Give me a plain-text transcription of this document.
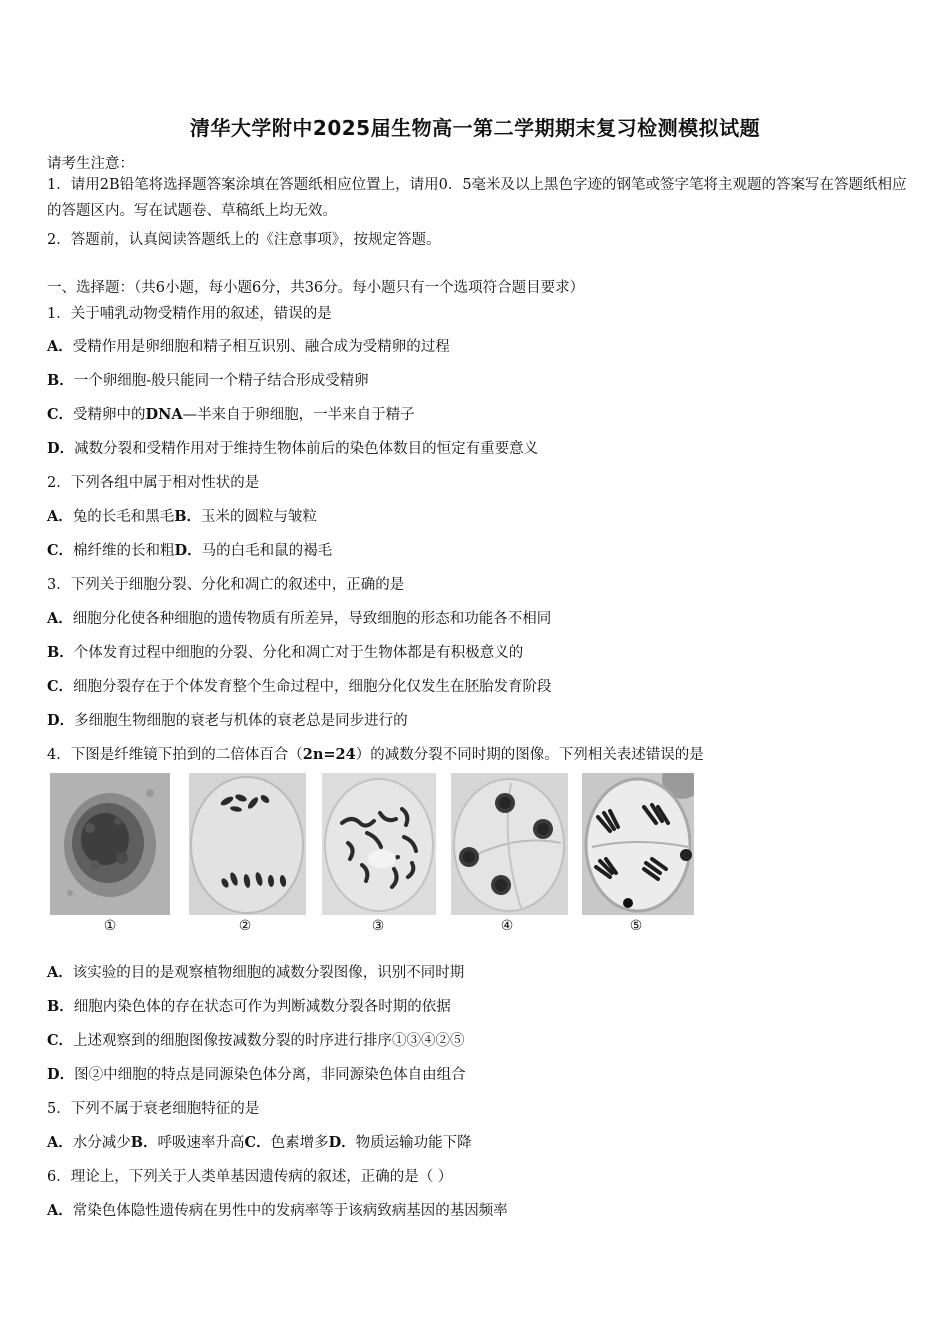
清华大学附中2025届生物高一第二学期期末复习检测模拟试题
请考生注意：
1．请用2B铅笔将选择题答案涂填在答题纸相应位置上，请用0．5毫米及以上黑色字迹的钢笔或签字笔将主观题的答案写在答题纸相应的答题区内。写在试题卷、草稿纸上均无效。
2．答题前，认真阅读答题纸上的《注意事项》，按规定答题。
一、选择题：（共6小题，每小题6分，共36分。每小题只有一个选项符合题目要求）
1．关于哺乳动物受精作用的叙述，错误的是
A．受精作用是卵细胞和精子相互识别、融合成为受精卵的过程
B．一个卵细胞-般只能同一个精子结合形成受精卵
C．受精卵中的DNA—半来自于卵细胞，一半来自于精子
D．减数分裂和受精作用对于维持生物体前后的染色体数目的恒定有重要意义
2．下列各组中属于相对性状的是
A．兔的长毛和黑毛B．玉米的圆粒与皱粒
C．棉纤维的长和粗D．马的白毛和鼠的褐毛
3．下列关于细胞分裂、分化和凋亡的叙述中，正确的是
A．细胞分化使各种细胞的遗传物质有所差异，导致细胞的形态和功能各不相同
B．个体发育过程中细胞的分裂、分化和凋亡对于生物体都是有积极意义的
C．细胞分裂存在于个体发育整个生命过程中，细胞分化仅发生在胚胎发育阶段
D．多细胞生物细胞的衰老与机体的衰老总是同步进行的
4．下图是纤维镜下拍到的二倍体百合（2n=24）的减数分裂不同时期的图像。下列相关表述错误的是
①	②	③	④	⑤
A．该实验的目的是观察植物细胞的减数分裂图像，识别不同时期
B．细胞内染色体的存在状态可作为判断减数分裂各时期的依据
C．上述观察到的细胞图像按减数分裂的时序进行排序①③④②⑤
D．图②中细胞的特点是同源染色体分离，非同源染色体自由组合
5．下列不属于衰老细胞特征的是
A．水分减少B．呼吸速率升高C．色素增多D．物质运输功能下降
6．理论上，下列关于人类单基因遗传病的叙述，正确的是（ ）
A．常染色体隐性遗传病在男性中的发病率等于该病致病基因的基因频率
